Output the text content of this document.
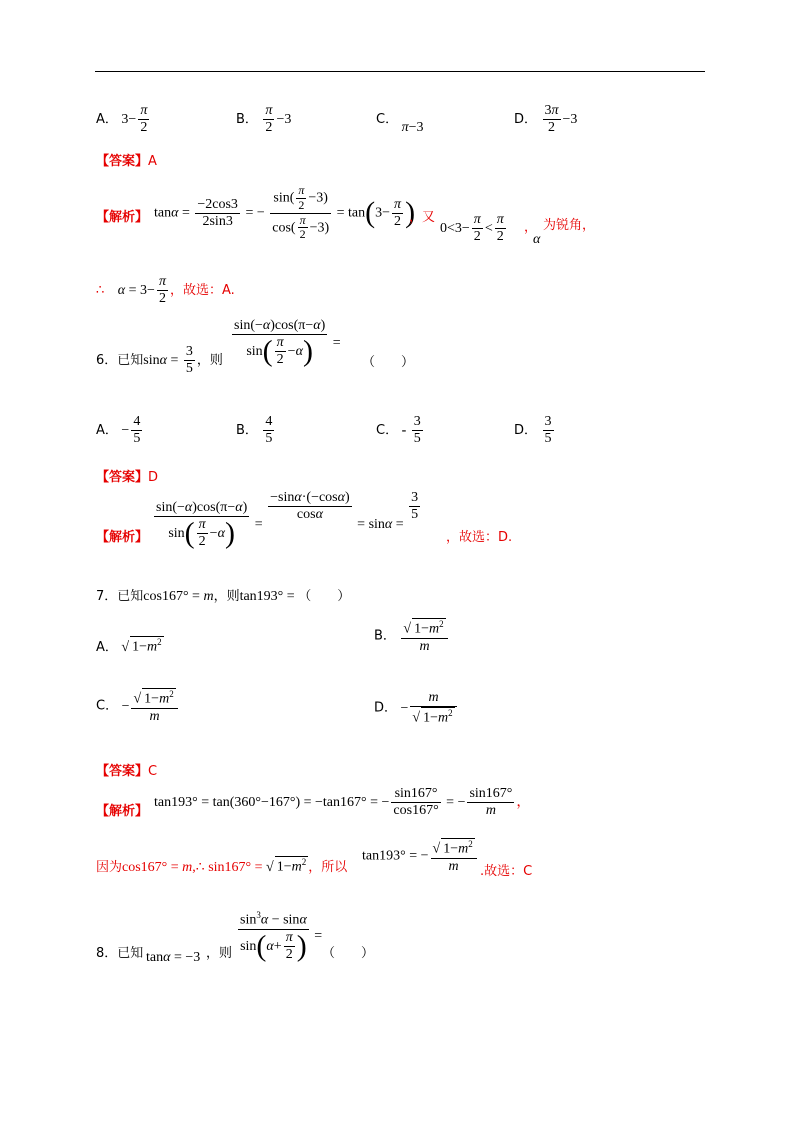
A． $3- \frac{\pi}{2}$	B． $\frac{\pi}{2} -3$	C． π−3
D． $\frac{3\pi}{2} -3$
【答案】A
【解析】 $\tan\alpha = \frac{-2\cos 3}{2\sin 3}$ = − $\frac{\sin( \frac{\pi}{2} -3)}{\cos( \frac{\pi}{2} -3)} = \tan(3- \frac{\pi}{2}$ )
，又
$0<3- \frac{\pi}{2} < \frac{\pi}{2}$ ，
α
为锐角，
∴ $\alpha = 3- \frac{\pi}{2}$ ，故选：A.
$\frac{\sin(-\alpha)\cos(\pi-\alpha)}{\sin( \frac{\pi}{2} -\alpha)}$ =
6．已知$\sin\alpha = \frac{3}{5}$ ，则	（　　）
A． − $\frac{4}{5}$	B． $\frac{4}{5}$	C． - $\frac{3}{5}$	D． $\frac{3}{5}$
【答案】D
【解析】 $\frac{\sin(-\alpha)\cos(\pi-\alpha)}{\sin( \frac{\pi}{2} -\alpha)}$ =
$\frac{-\sin\alpha\cdot(-\cos\alpha)}{\cos\alpha}$
= sinα =
$\frac{3}{5}$
，故选：D.
7．已知cos167° = m，则tan193° = （　　）
A． √ $1-m^2$	B． $\frac{√ 1-m^2}{m}$
C． − $\frac{√ 1-m^2}{m}$	D． − $\frac{m}{√ 1-m^2}$
【答案】C
【解析】
tan193° = tan(360°−167°) = −tan167° = − $\frac{\sin 167^\circ}{\cos 167^\circ}$ = − $\frac{\sin 167^\circ}{m}$ ，
因为cos167° = m,∴ sin167° = √ $1-m^2$ ，所以
tan193° = − $\frac{√ 1-m^2}{m}$ .故选：C
$\frac{\sin^3\alpha - \sin\alpha}{\sin(\alpha+ \frac{\pi}{2} )}$ =
8．已知 tanα = −3 ，则	（　　）
